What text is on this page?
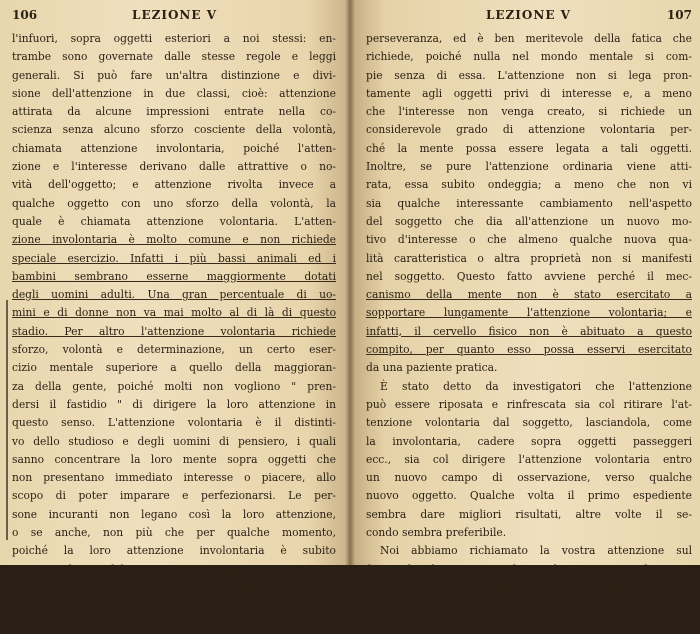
106	LEZIONE V
l'infuori, sopra oggetti esteriori a noi stessi: en-
trambe sono governate dalle stesse regole e leggi
generali. Si può fare un'altra distinzione e divi-
sione dell'attenzione in due classi, cioè: attenzione
attirata da alcune impressioni entrate nella co-
scienza senza alcuno sforzo cosciente della volontà,
chiamata attenzione involontaria, poiché l'atten-
zione e l'interesse derivano dalle attrattive o no-
vità dell'oggetto; e attenzione rivolta invece a
qualche oggetto con uno sforzo della volontà, la
quale è chiamata attenzione volontaria. L'atten-
zione involontaria è molto comune e non richiede
speciale esercizio. Infatti i più bassi animali ed i
bambini sembrano esserne maggiormente dotati
degli uomini adulti. Una gran percentuale di uo-
mini e di donne non va mai molto al di là di questo
stadio. Per altro l'attenzione volontaria richiede
sforzo, volontà e determinazione, un certo eser-
cizio mentale superiore a quello della maggioran-
za della gente, poiché molti non vogliono " pren-
dersi il fastidio " di dirigere la loro attenzione in
questo senso. L'attenzione volontaria è il distinti-
vo dello studioso e degli uomini di pensiero, i quali
sanno concentrare la loro mente sopra oggetti che
non presentano immediato interesse o piacere, allo
scopo di poter imparare e perfezionarsi. Le per-
sone incuranti non legano così la loro attenzione,
o se anche, non più che per qualche momento,
poiché la loro attenzione involontaria è subito
attirata da qualche oggetto passeggero senza im-
portanza o di frivola natura, e l'attenzione volon-
taria tosto svanisce ed è dimenticata. L'atten-
zione volontaria è sviluppata colla pratica e la
LEZIONE V	107
perseveranza, ed è ben meritevole della fatica che
richiede, poiché nulla nel mondo mentale si com-
pie senza di essa. L'attenzione non si lega pron-
tamente agli oggetti privi di interesse e, a meno
che l'interesse non venga creato, si richiede un
considerevole grado di attenzione volontaria per-
ché la mente possa essere legata a tali oggetti.
Inoltre, se pure l'attenzione ordinaria viene atti-
rata, essa subito ondeggia; a meno che non vi
sia qualche interessante cambiamento nell'aspetto
del soggetto che dia all'attenzione un nuovo mo-
tivo d'interesse o che almeno qualche nuova qua-
lità caratteristica o altra proprietà non si manifesti
nel soggetto. Questo fatto avviene perché il mec-
canismo della mente non è stato esercitato a
sopportare lungamente l'attenzione volontaria; e
infatti, il cervello fisico non è abituato a questo
compito, per quanto esso possa esservi esercitato
da una paziente pratica.
È stato detto da investigatori che l'attenzione
può essere riposata e rinfrescata sia col ritirare l'at-
tenzione volontaria dal soggetto, lasciandola, come
la involontaria, cadere sopra oggetti passeggeri
ecc., sia col dirigere l'attenzione volontaria entro
un nuovo campo di osservazione, verso qualche
nuovo oggetto. Qualche volta il primo espediente
sembra dare migliori risultati, altre volte il se-
condo sembra preferibile.
Noi abbiamo richiamato la vostra attenzione sul
fatto che l'interesse sviluppa l'attenzione e la tiene
fissa, mentre un oggetto o soggetto senza interesse
richiede un più grande sforzo e maggiore applica-
zione. Questo fatto appare chiaro a chiunque, ed
